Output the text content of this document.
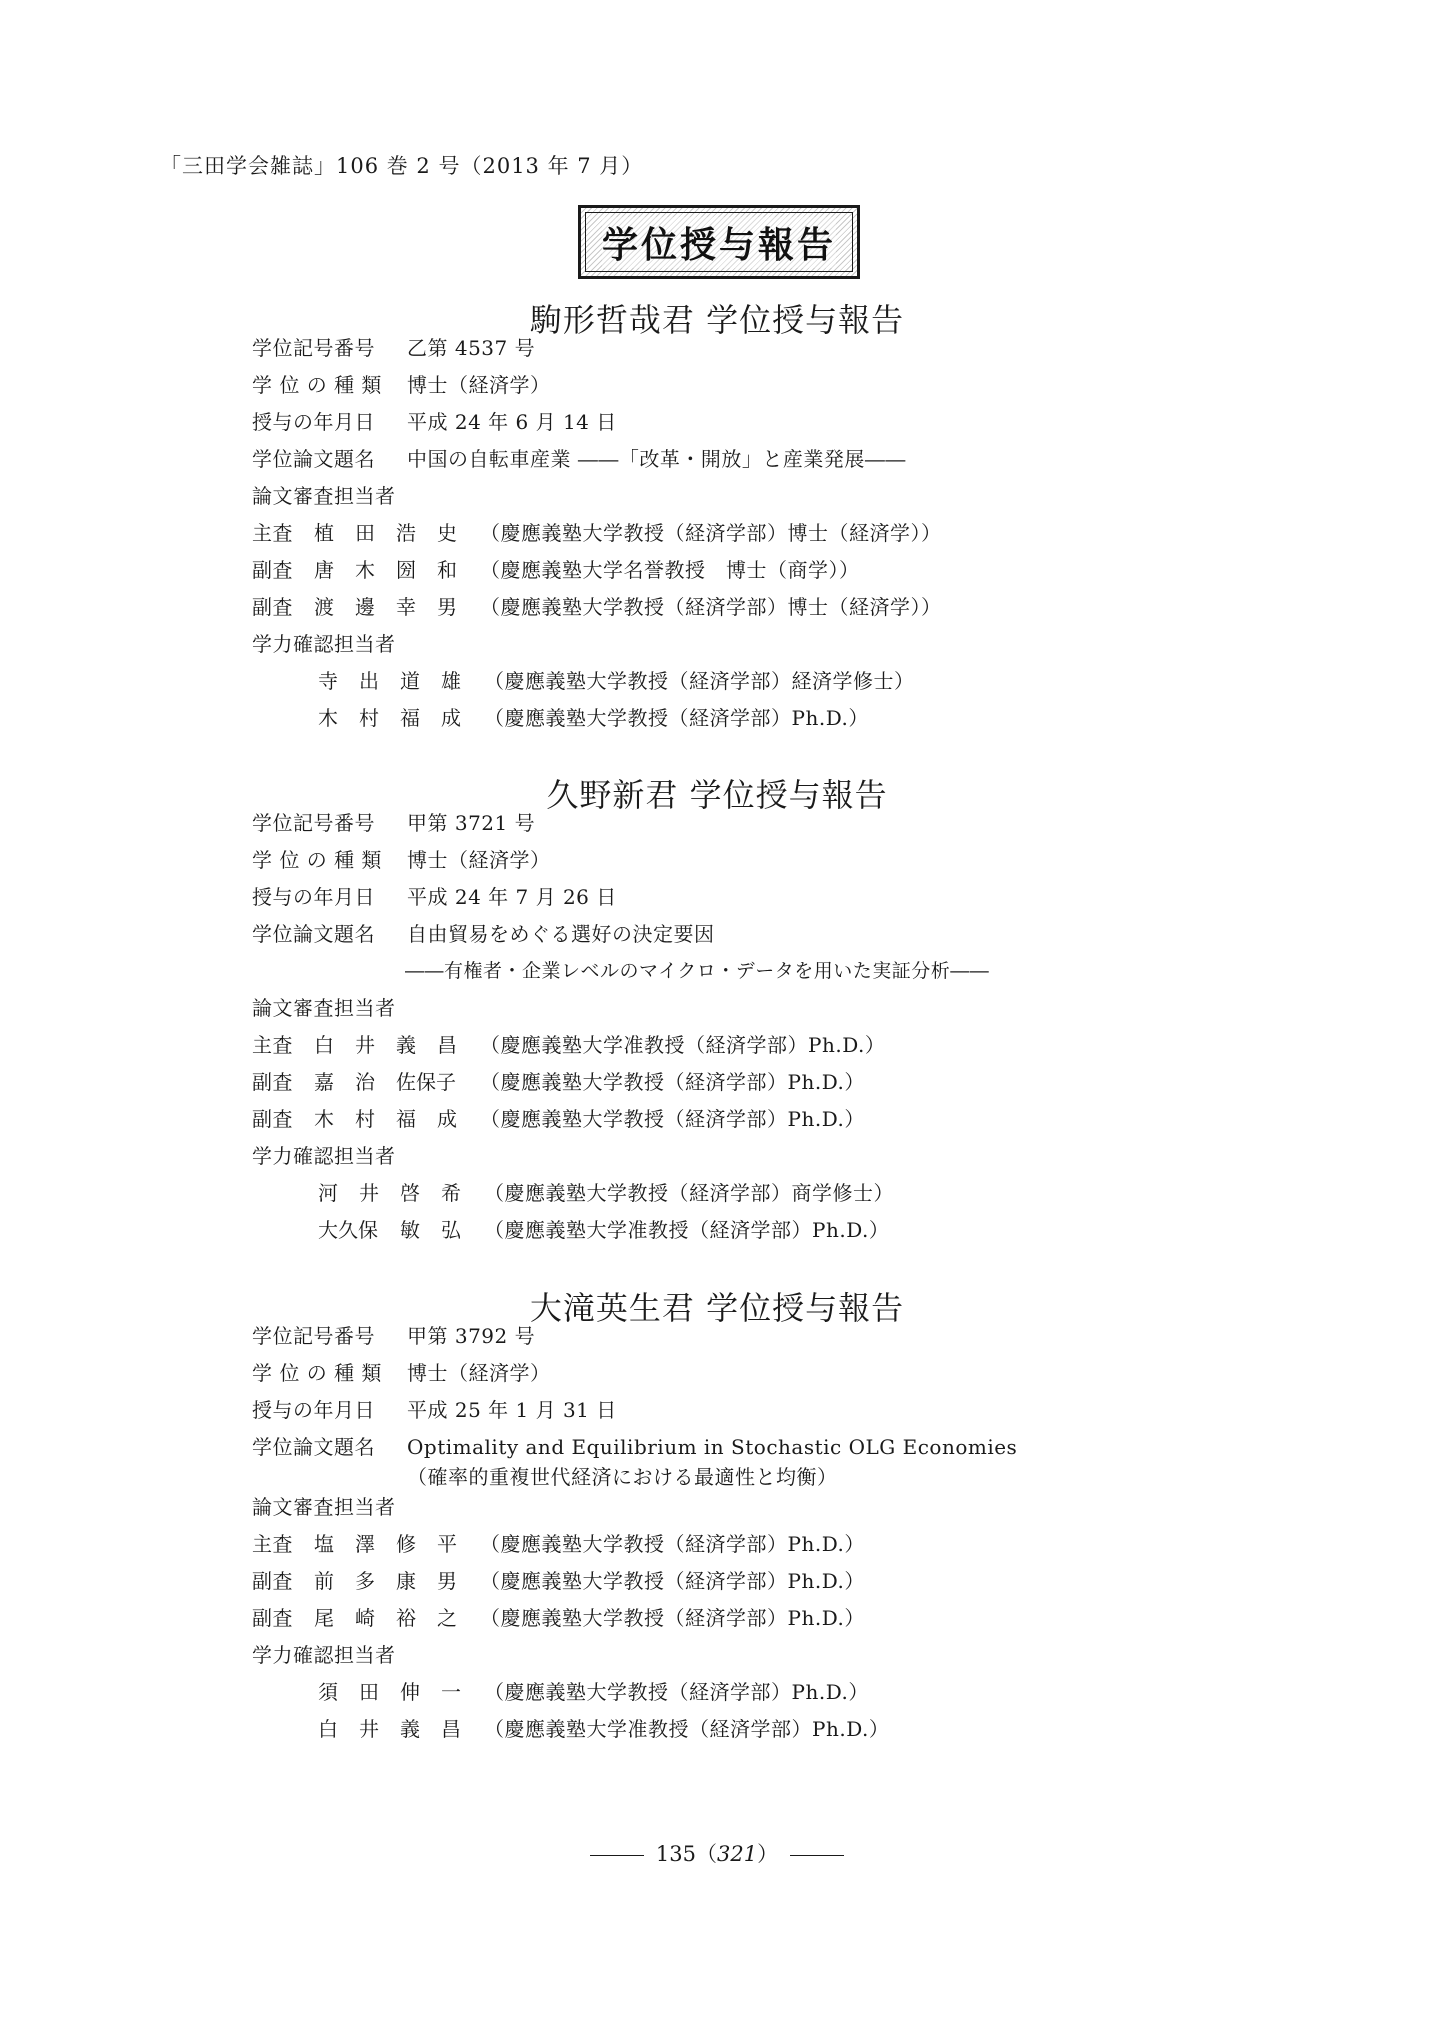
「三田学会雑誌」106 巻 2 号（2013 年 7 月）
学位授与報告
駒形哲哉君 学位授与報告
学位記号番号 乙第 4537 号
学 位 の 種 類 博士（経済学）
授与の年月日 平成 24 年 6 月 14 日
学位論文題名 中国の自転車産業 ――「改革・開放」と産業発展――
論文審査担当者
主査 植 田 浩 史 （慶應義塾大学教授（経済学部）博士（経済学））
副査 唐 木 圀 和 （慶應義塾大学名誉教授　博士（商学））
副査 渡 邊 幸 男 （慶應義塾大学教授（経済学部）博士（経済学））
学力確認担当者
寺 出 道 雄 （慶應義塾大学教授（経済学部）経済学修士）
木 村 福 成 （慶應義塾大学教授（経済学部）Ph.D.）
久野新君 学位授与報告
学位記号番号 甲第 3721 号
学 位 の 種 類 博士（経済学）
授与の年月日 平成 24 年 7 月 26 日
学位論文題名 自由貿易をめぐる選好の決定要因
――有権者・企業レベルのマイクロ・データを用いた実証分析――
論文審査担当者
主査 白 井 義 昌 （慶應義塾大学准教授（経済学部）Ph.D.）
副査 嘉 治 佐保子 （慶應義塾大学教授（経済学部）Ph.D.）
副査 木 村 福 成 （慶應義塾大学教授（経済学部）Ph.D.）
学力確認担当者
河 井 啓 希 （慶應義塾大学教授（経済学部）商学修士）
大久保 敏 弘 （慶應義塾大学准教授（経済学部）Ph.D.）
大滝英生君 学位授与報告
学位記号番号 甲第 3792 号
学 位 の 種 類 博士（経済学）
授与の年月日 平成 25 年 1 月 31 日
学位論文題名 Optimality and Equilibrium in Stochastic OLG Economies
（確率的重複世代経済における最適性と均衡）
論文審査担当者
主査 塩 澤 修 平 （慶應義塾大学教授（経済学部）Ph.D.）
副査 前 多 康 男 （慶應義塾大学教授（経済学部）Ph.D.）
副査 尾 崎 裕 之 （慶應義塾大学教授（経済学部）Ph.D.）
学力確認担当者
須 田 伸 一 （慶應義塾大学教授（経済学部）Ph.D.）
白 井 義 昌 （慶應義塾大学准教授（経済学部）Ph.D.）
135（321）
